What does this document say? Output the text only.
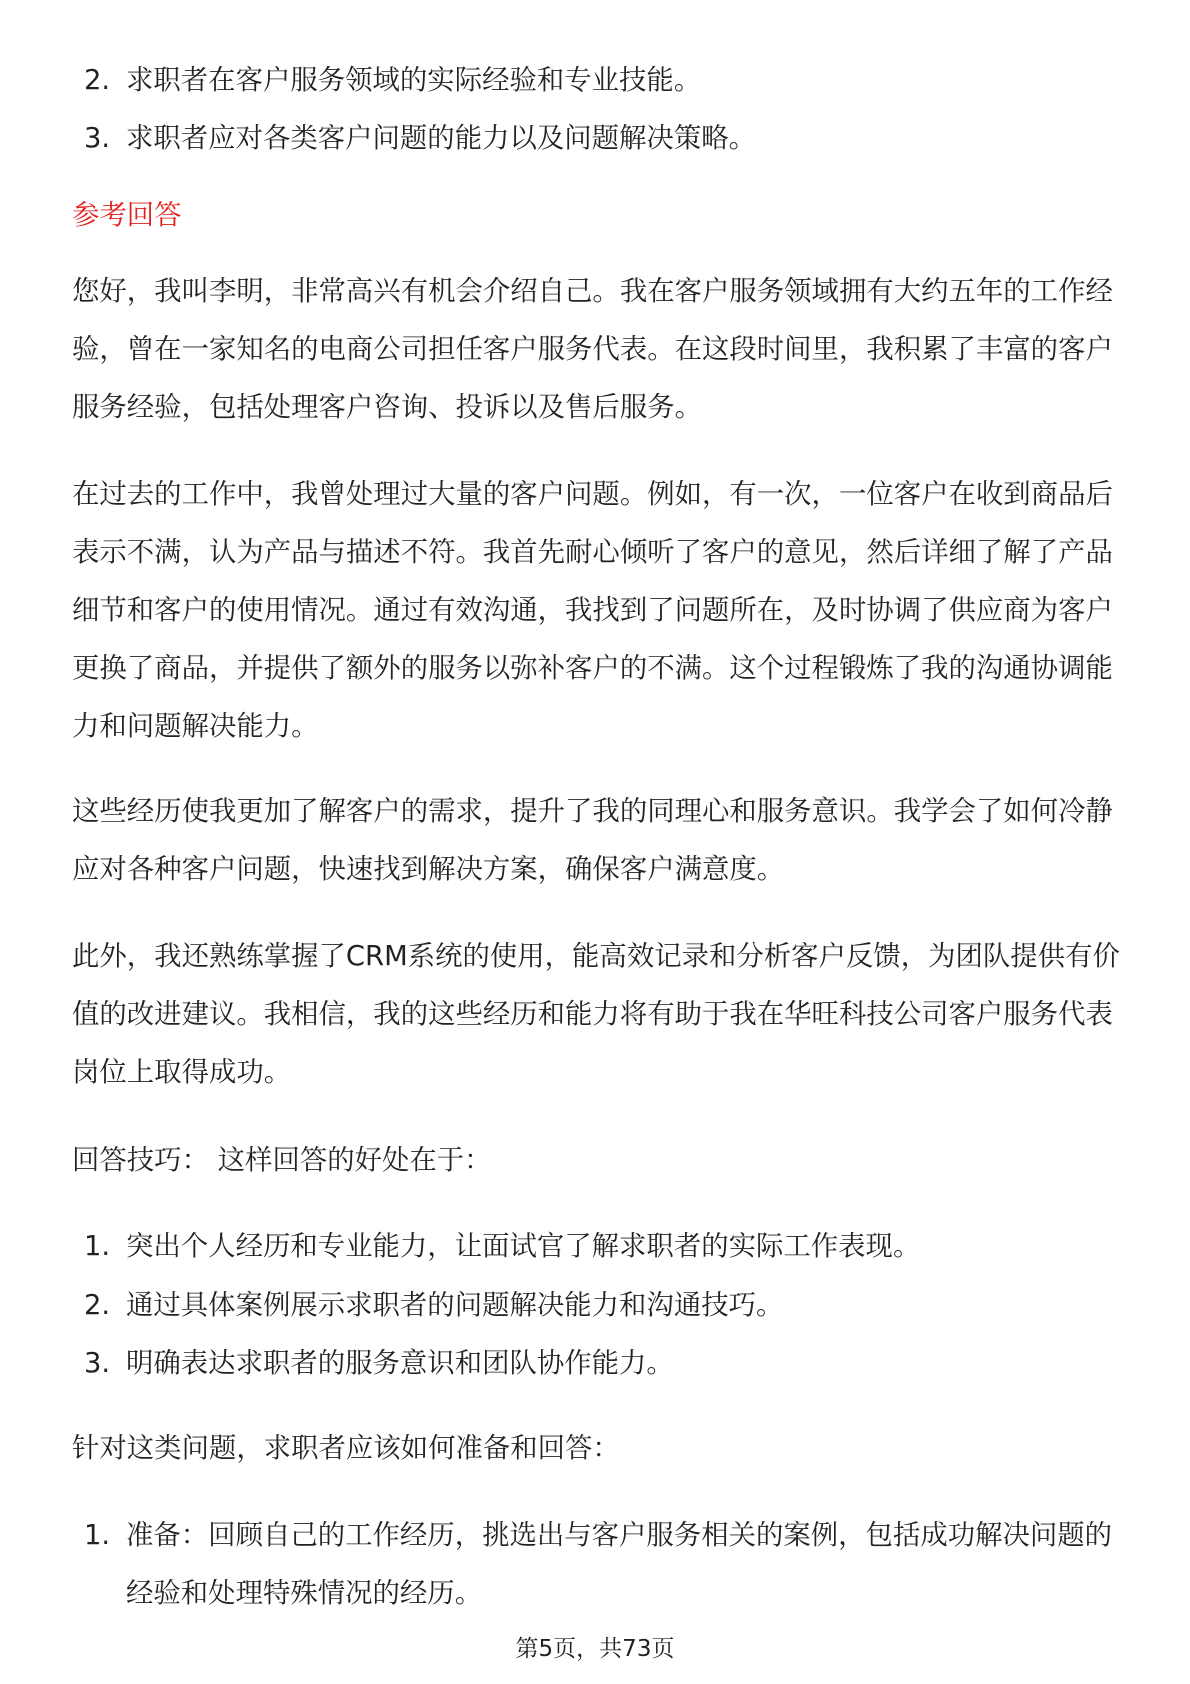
2. 求职者在客户服务领域的实际经验和专业技能。
3. 求职者应对各类客户问题的能力以及问题解决策略。
参考回答
您好，我叫李明，非常高兴有机会介绍自己。我在客户服务领域拥有大约五年的工作经验，曾在一家知名的电商公司担任客户服务代表。在这段时间里，我积累了丰富的客户服务经验，包括处理客户咨询、投诉以及售后服务。
在过去的工作中，我曾处理过大量的客户问题。例如，有一次，一位客户在收到商品后表示不满，认为产品与描述不符。我首先耐心倾听了客户的意见，然后详细了解了产品细节和客户的使用情况。通过有效沟通，我找到了问题所在，及时协调了供应商为客户更换了商品，并提供了额外的服务以弥补客户的不满。这个过程锻炼了我的沟通协调能力和问题解决能力。
这些经历使我更加了解客户的需求，提升了我的同理心和服务意识。我学会了如何冷静应对各种客户问题，快速找到解决方案，确保客户满意度。
此外，我还熟练掌握了CRM系统的使用，能高效记录和分析客户反馈，为团队提供有价值的改进建议。我相信，我的这些经历和能力将有助于我在华旺科技公司客户服务代表岗位上取得成功。
回答技巧： 这样回答的好处在于：
1. 突出个人经历和专业能力，让面试官了解求职者的实际工作表现。
2. 通过具体案例展示求职者的问题解决能力和沟通技巧。
3. 明确表达求职者的服务意识和团队协作能力。
针对这类问题，求职者应该如何准备和回答：
1. 准备：回顾自己的工作经历，挑选出与客户服务相关的案例，包括成功解决问题的经验和处理特殊情况的经历。
第5页，共73页
